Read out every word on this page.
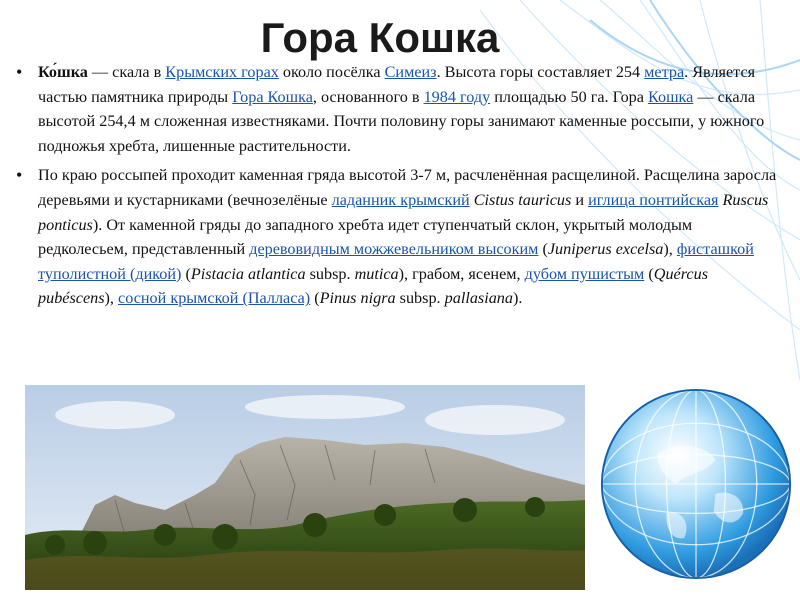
Гора Кошка
• Ко́шка — скала в Крымских горах около посёлка Симеиз. Высота горы составляет 254 метра. Является частью памятника природы Гора Кошка, основанного в 1984 году площадью 50 га. Гора Кошка — скала высотой 254,4 м сложенная известняками. Почти половину горы занимают каменные россыпи, у южного подножья хребта, лишенные растительности.
• По краю россыпей проходит каменная гряда высотой 3-7 м, расчленённая расщелиной. Расщелина заросла деревьями и кустарниками (вечнозелёные ладанник крымский Cistus tauricus и иглица понтийская Ruscus ponticus). От каменной гряды до западного хребта идет ступенчатый склон, укрытый молодым редколесьем, представленный деревовидным можжевельником высоким (Juniperus excelsa), фисташкой туполистной (дикой) (Pistacia atlantica subsp. mutica), грабом, ясенем, дубом пушистым (Quércus pubéscens), сосной крымской (Палласа) (Pinus nigra subsp. pallasiana).
